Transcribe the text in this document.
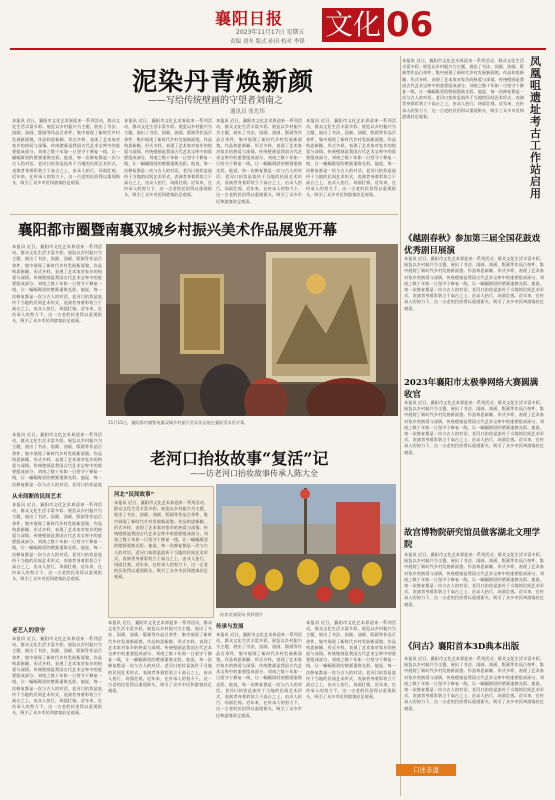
襄阳日报
2023年11月17日 星期五
责编 刘冬 版式 孙田 校对 李锋
文化 06
本报讯 近日，襄阳市文化艺术界迎来一系列活动，群众文化生活丰富多彩。展览以乡村振兴为主题，展出了书法、国画、油画、版画等作品百余件，集中展现了新时代乡村发展新面貌。作品构思新颖、形式多样，表现了艺术家对家乡的热爱与深情。传统壁画是我国古代艺术宝库中的重要组成部分，刘南之数十年如一日坚守于修复一线，让一幅幅斑驳的壁画重焕光彩。他说，每一次修复都是一次与古人的对话。老河口抬妆是流传于当地的民间艺术形式，表演者身着彩装立于高台之上，由众人抬行，场面壮观。近年来，在传承人的努力下，这一古老的民俗得以重现街头，吸引了众多市民和游客驻足观看。
泥染丹青焕新颜
——写给传统壁画的守望者刘南之
通讯员 张先伟
本报讯 近日，襄阳市文化艺术界迎来一系列活动，群众文化生活丰富多彩。展览以乡村振兴为主题，展出了书法、国画、油画、版画等作品百余件，集中展现了新时代乡村发展新面貌。作品构思新颖、形式多样，表现了艺术家对家乡的热爱与深情。传统壁画是我国古代艺术宝库中的重要组成部分，刘南之数十年如一日坚守于修复一线，让一幅幅斑驳的壁画重焕光彩。他说，每一次修复都是一次与古人的对话。老河口抬妆是流传于当地的民间艺术形式，表演者身着彩装立于高台之上，由众人抬行，场面壮观。近年来，在传承人的努力下，这一古老的民俗得以重现街头，吸引了众多市民和游客驻足观看。
本报讯 近日，襄阳市文化艺术界迎来一系列活动，群众文化生活丰富多彩。展览以乡村振兴为主题，展出了书法、国画、油画、版画等作品百余件，集中展现了新时代乡村发展新面貌。作品构思新颖、形式多样，表现了艺术家对家乡的热爱与深情。传统壁画是我国古代艺术宝库中的重要组成部分，刘南之数十年如一日坚守于修复一线，让一幅幅斑驳的壁画重焕光彩。他说，每一次修复都是一次与古人的对话。老河口抬妆是流传于当地的民间艺术形式，表演者身着彩装立于高台之上，由众人抬行，场面壮观。近年来，在传承人的努力下，这一古老的民俗得以重现街头，吸引了众多市民和游客驻足观看。
本报讯 近日，襄阳市文化艺术界迎来一系列活动，群众文化生活丰富多彩。展览以乡村振兴为主题，展出了书法、国画、油画、版画等作品百余件，集中展现了新时代乡村发展新面貌。作品构思新颖、形式多样，表现了艺术家对家乡的热爱与深情。传统壁画是我国古代艺术宝库中的重要组成部分，刘南之数十年如一日坚守于修复一线，让一幅幅斑驳的壁画重焕光彩。他说，每一次修复都是一次与古人的对话。老河口抬妆是流传于当地的民间艺术形式，表演者身着彩装立于高台之上，由众人抬行，场面壮观。近年来，在传承人的努力下，这一古老的民俗得以重现街头，吸引了众多市民和游客驻足观看。
本报讯 近日，襄阳市文化艺术界迎来一系列活动，群众文化生活丰富多彩。展览以乡村振兴为主题，展出了书法、国画、油画、版画等作品百余件，集中展现了新时代乡村发展新面貌。作品构思新颖、形式多样，表现了艺术家对家乡的热爱与深情。传统壁画是我国古代艺术宝库中的重要组成部分，刘南之数十年如一日坚守于修复一线，让一幅幅斑驳的壁画重焕光彩。他说，每一次修复都是一次与古人的对话。老河口抬妆是流传于当地的民间艺术形式，表演者身着彩装立于高台之上，由众人抬行，场面壮观。近年来，在传承人的努力下，这一古老的民俗得以重现街头，吸引了众多市民和游客驻足观看。
凤凰咀遗址考古工作站启用
襄阳都市圈暨南襄双城乡村振兴美术作品展览开幕
本报讯 近日，襄阳市文化艺术界迎来一系列活动，群众文化生活丰富多彩。展览以乡村振兴为主题，展出了书法、国画、油画、版画等作品百余件，集中展现了新时代乡村发展新面貌。作品构思新颖、形式多样，表现了艺术家对家乡的热爱与深情。传统壁画是我国古代艺术宝库中的重要组成部分，刘南之数十年如一日坚守于修复一线，让一幅幅斑驳的壁画重焕光彩。他说，每一次修复都是一次与古人的对话。老河口抬妆是流传于当地的民间艺术形式，表演者身着彩装立于高台之上，由众人抬行，场面壮观。近年来，在传承人的努力下，这一古老的民俗得以重现街头，吸引了众多市民和游客驻足观看。
11月15日，襄阳都市圈暨南襄双城乡村振兴美术作品展在襄阳美术馆开幕。
《越剧春秋》参加第三届全国花鼓戏优秀剧目展演
本报讯 近日，襄阳市文化艺术界迎来一系列活动，群众文化生活丰富多彩。展览以乡村振兴为主题，展出了书法、国画、油画、版画等作品百余件，集中展现了新时代乡村发展新面貌。作品构思新颖、形式多样，表现了艺术家对家乡的热爱与深情。传统壁画是我国古代艺术宝库中的重要组成部分，刘南之数十年如一日坚守于修复一线，让一幅幅斑驳的壁画重焕光彩。他说，每一次修复都是一次与古人的对话。老河口抬妆是流传于当地的民间艺术形式，表演者身着彩装立于高台之上，由众人抬行，场面壮观。近年来，在传承人的努力下，这一古老的民俗得以重现街头，吸引了众多市民和游客驻足观看。
2023年襄阳市太极拳网络大赛圆满收官
本报讯 近日，襄阳市文化艺术界迎来一系列活动，群众文化生活丰富多彩。展览以乡村振兴为主题，展出了书法、国画、油画、版画等作品百余件，集中展现了新时代乡村发展新面貌。作品构思新颖、形式多样，表现了艺术家对家乡的热爱与深情。传统壁画是我国古代艺术宝库中的重要组成部分，刘南之数十年如一日坚守于修复一线，让一幅幅斑驳的壁画重焕光彩。他说，每一次修复都是一次与古人的对话。老河口抬妆是流传于当地的民间艺术形式，表演者身着彩装立于高台之上，由众人抬行，场面壮观。近年来，在传承人的努力下，这一古老的民俗得以重现街头，吸引了众多市民和游客驻足观看。
故宫博物院研究馆员做客湖北文理学院
本报讯 近日，襄阳市文化艺术界迎来一系列活动，群众文化生活丰富多彩。展览以乡村振兴为主题，展出了书法、国画、油画、版画等作品百余件，集中展现了新时代乡村发展新面貌。作品构思新颖、形式多样，表现了艺术家对家乡的热爱与深情。传统壁画是我国古代艺术宝库中的重要组成部分，刘南之数十年如一日坚守于修复一线，让一幅幅斑驳的壁画重焕光彩。他说，每一次修复都是一次与古人的对话。老河口抬妆是流传于当地的民间艺术形式，表演者身着彩装立于高台之上，由众人抬行，场面壮观。近年来，在传承人的努力下，这一古老的民俗得以重现街头，吸引了众多市民和游客驻足观看。
《问古》襄阳首本3D典本出版
本报讯 近日，襄阳市文化艺术界迎来一系列活动，群众文化生活丰富多彩。展览以乡村振兴为主题，展出了书法、国画、油画、版画等作品百余件，集中展现了新时代乡村发展新面貌。作品构思新颖、形式多样，表现了艺术家对家乡的热爱与深情。传统壁画是我国古代艺术宝库中的重要组成部分，刘南之数十年如一日坚守于修复一线，让一幅幅斑驳的壁画重焕光彩。他说，每一次修复都是一次与古人的对话。老河口抬妆是流传于当地的民间艺术形式，表演者身着彩装立于高台之上，由众人抬行，场面壮观。近年来，在传承人的努力下，这一古老的民俗得以重现街头，吸引了众多市民和游客驻足观看。
本报讯 近日，襄阳市文化艺术界迎来一系列活动，群众文化生活丰富多彩。展览以乡村振兴为主题，展出了书法、国画、油画、版画等作品百余件，集中展现了新时代乡村发展新面貌。作品构思新颖、形式多样，表现了艺术家对家乡的热爱与深情。传统壁画是我国古代艺术宝库中的重要组成部分，刘南之数十年如一日坚守于修复一线，让一幅幅斑驳的壁画重焕光彩。他说，每一次修复都是一次与古人的对话。老河口抬妆是流
从未间断的民间艺术
本报讯 近日，襄阳市文化艺术界迎来一系列活动，群众文化生活丰富多彩。展览以乡村振兴为主题，展出了书法、国画、油画、版画等作品百余件，集中展现了新时代乡村发展新面貌。作品构思新颖、形式多样，表现了艺术家对家乡的热爱与深情。传统壁画是我国古代艺术宝库中的重要组成部分，刘南之数十年如一日坚守于修复一线，让一幅幅斑驳的壁画重焕光彩。他说，每一次修复都是一次与古人的对话。老河口抬妆是流传于当地的民间艺术形式，表演者身着彩装立于高台之上，由众人抬行，场面壮观。近年来，在传承人的努力下，这一古老的民俗得以重现街头，吸引了众多市民和游客驻足观看。
老艺人的坚守
本报讯 近日，襄阳市文化艺术界迎来一系列活动，群众文化生活丰富多彩。展览以乡村振兴为主题，展出了书法、国画、油画、版画等作品百余件，集中展现了新时代乡村发展新面貌。作品构思新颖、形式多样，表现了艺术家对家乡的热爱与深情。传统壁画是我国古代艺术宝库中的重要组成部分，刘南之数十年如一日坚守于修复一线，让一幅幅斑驳的壁画重焕光彩。他说，每一次修复都是一次与古人的对话。老河口抬妆是流传于当地的民间艺术形式，表演者身着彩装立于高台之上，由众人抬行，场面壮观。近年来，在传承人的努力下，这一古老的民俗得以重现街头，吸引了众多市民和游客驻足观看。
老河口抬妆故事“复活”记
——访老河口抬妆故事传承人陈大全
河北“民间故事”
本报讯 近日，襄阳市文化艺术界迎来一系列活动，群众文化生活丰富多彩。展览以乡村振兴为主题，展出了书法、国画、油画、版画等作品百余件，集中展现了新时代乡村发展新面貌。作品构思新颖、形式多样，表现了艺术家对家乡的热爱与深情。传统壁画是我国古代艺术宝库中的重要组成部分，刘南之数十年如一日坚守于修复一线，让一幅幅斑驳的壁画重焕光彩。他说，每一次修复都是一次与古人的对话。老河口抬妆是流传于当地的民间艺术形式，表演者身着彩装立于高台之上，由众人抬行，场面壮观。近年来，在传承人的努力下，这一古老的民俗得以重现街头，吸引了众多市民和游客驻足观看。
抬妆表演现场 资料照片
本报讯 近日，襄阳市文化艺术界迎来一系列活动，群众文化生活丰富多彩。展览以乡村振兴为主题，展出了书法、国画、油画、版画等作品百余件，集中展现了新时代乡村发展新面貌。作品构思新颖、形式多样，表现了艺术家对家乡的热爱与深情。传统壁画是我国古代艺术宝库中的重要组成部分，刘南之数十年如一日坚守于修复一线，让一幅幅斑驳的壁画重焕光彩。他说，每一次修复都是一次与古人的对话。老河口抬妆是流传于当地的民间艺术形式，表演者身着彩装立于高台之上，由众人抬行，场面壮观。近年来，在传承人的努力下，这一古老的民俗得以重现街头，吸引了众多市民和游客驻足观看。
传承与发展
本报讯 近日，襄阳市文化艺术界迎来一系列活动，群众文化生活丰富多彩。展览以乡村振兴为主题，展出了书法、国画、油画、版画等作品百余件，集中展现了新时代乡村发展新面貌。作品构思新颖、形式多样，表现了艺术家对家乡的热爱与深情。传统壁画是我国古代艺术宝库中的重要组成部分，刘南之数十年如一日坚守于修复一线，让一幅幅斑驳的壁画重焕光彩。他说，每一次修复都是一次与古人的对话。老河口抬妆是流传于当地的民间艺术形式，表演者身着彩装立于高台之上，由众人抬行，场面壮观。近年来，在传承人的努力下，这一古老的民俗得以重现街头，吸引了众多市民和游客驻足观看。
本报讯 近日，襄阳市文化艺术界迎来一系列活动，群众文化生活丰富多彩。展览以乡村振兴为主题，展出了书法、国画、油画、版画等作品百余件，集中展现了新时代乡村发展新面貌。作品构思新颖、形式多样，表现了艺术家对家乡的热爱与深情。传统壁画是我国古代艺术宝库中的重要组成部分，刘南之数十年如一日坚守于修复一线，让一幅幅斑驳的壁画重焕光彩。他说，每一次修复都是一次与古人的对话。老河口抬妆是流传于当地的民间艺术形式，表演者身着彩装立于高台之上，由众人抬行，场面壮观。近年来，在传承人的努力下，这一古老的民俗得以重现街头，吸引了众多市民和游客驻足观看。
口述非遗
